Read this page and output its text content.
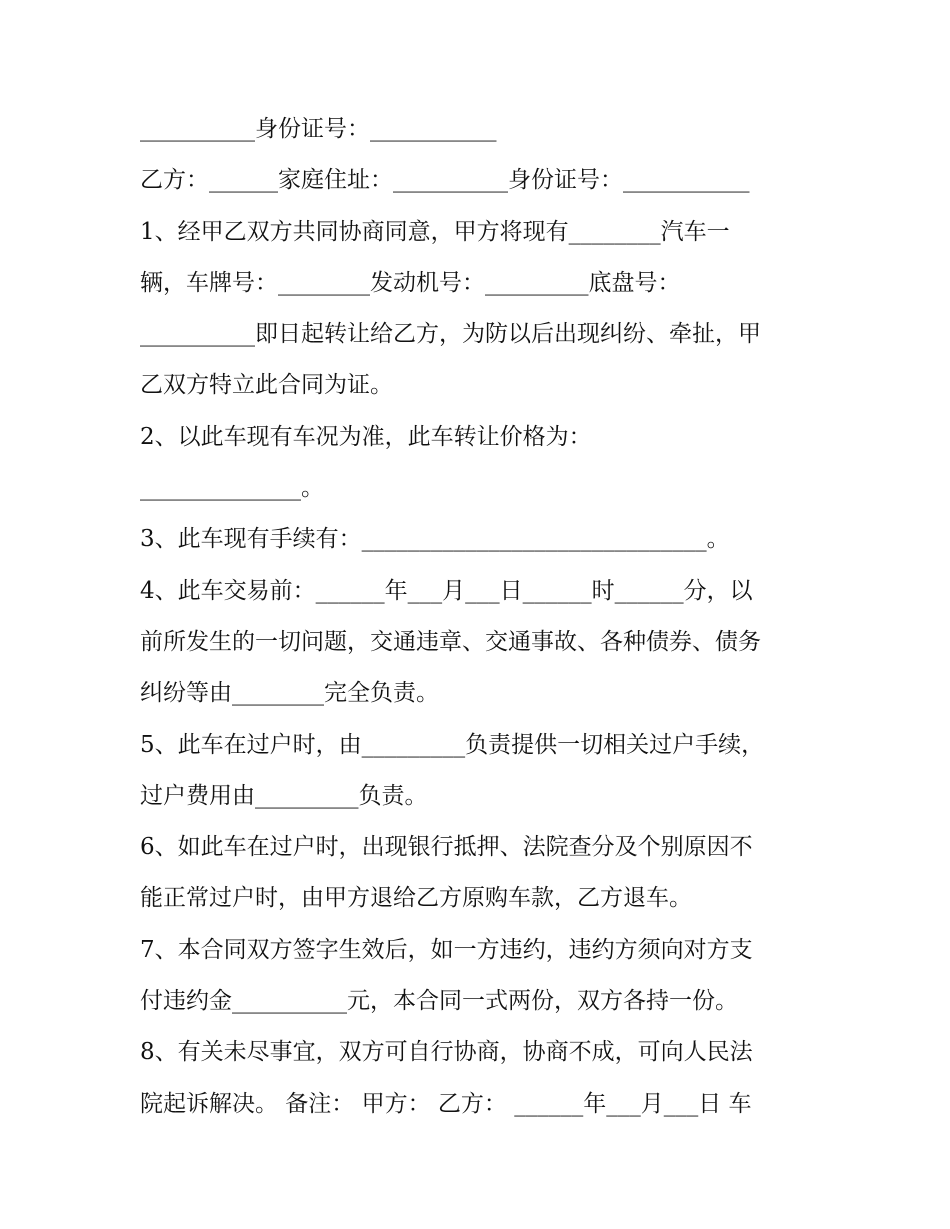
__________身份证号：___________
乙方：______家庭住址：__________身份证号：___________
1、经甲乙双方共同协商同意，甲方将现有________汽车一
辆，车牌号：________发动机号：_________底盘号：
__________即日起转让给乙方，为防以后出现纠纷、牵扯，甲
乙双方特立此合同为证。
2、以此车现有车况为准，此车转让价格为：
______________。
3、此车现有手续有：______________________________。
4、此车交易前：______年___月___日______时______分，以
前所发生的一切问题，交通违章、交通事故、各种债券、债务
纠纷等由________完全负责。
5、此车在过户时，由_________负责提供一切相关过户手续，
过户费用由_________负责。
6、如此车在过户时，出现银行抵押、法院查分及个别原因不
能正常过户时，由甲方退给乙方原购车款，乙方退车。
7、本合同双方签字生效后，如一方违约，违约方须向对方支
付违约金__________元，本合同一式两份，双方各持一份。
8、有关未尽事宜，双方可自行协商，协商不成，可向人民法
院起诉解决。 备注： 甲方： 乙方： ______年___月___日 车
